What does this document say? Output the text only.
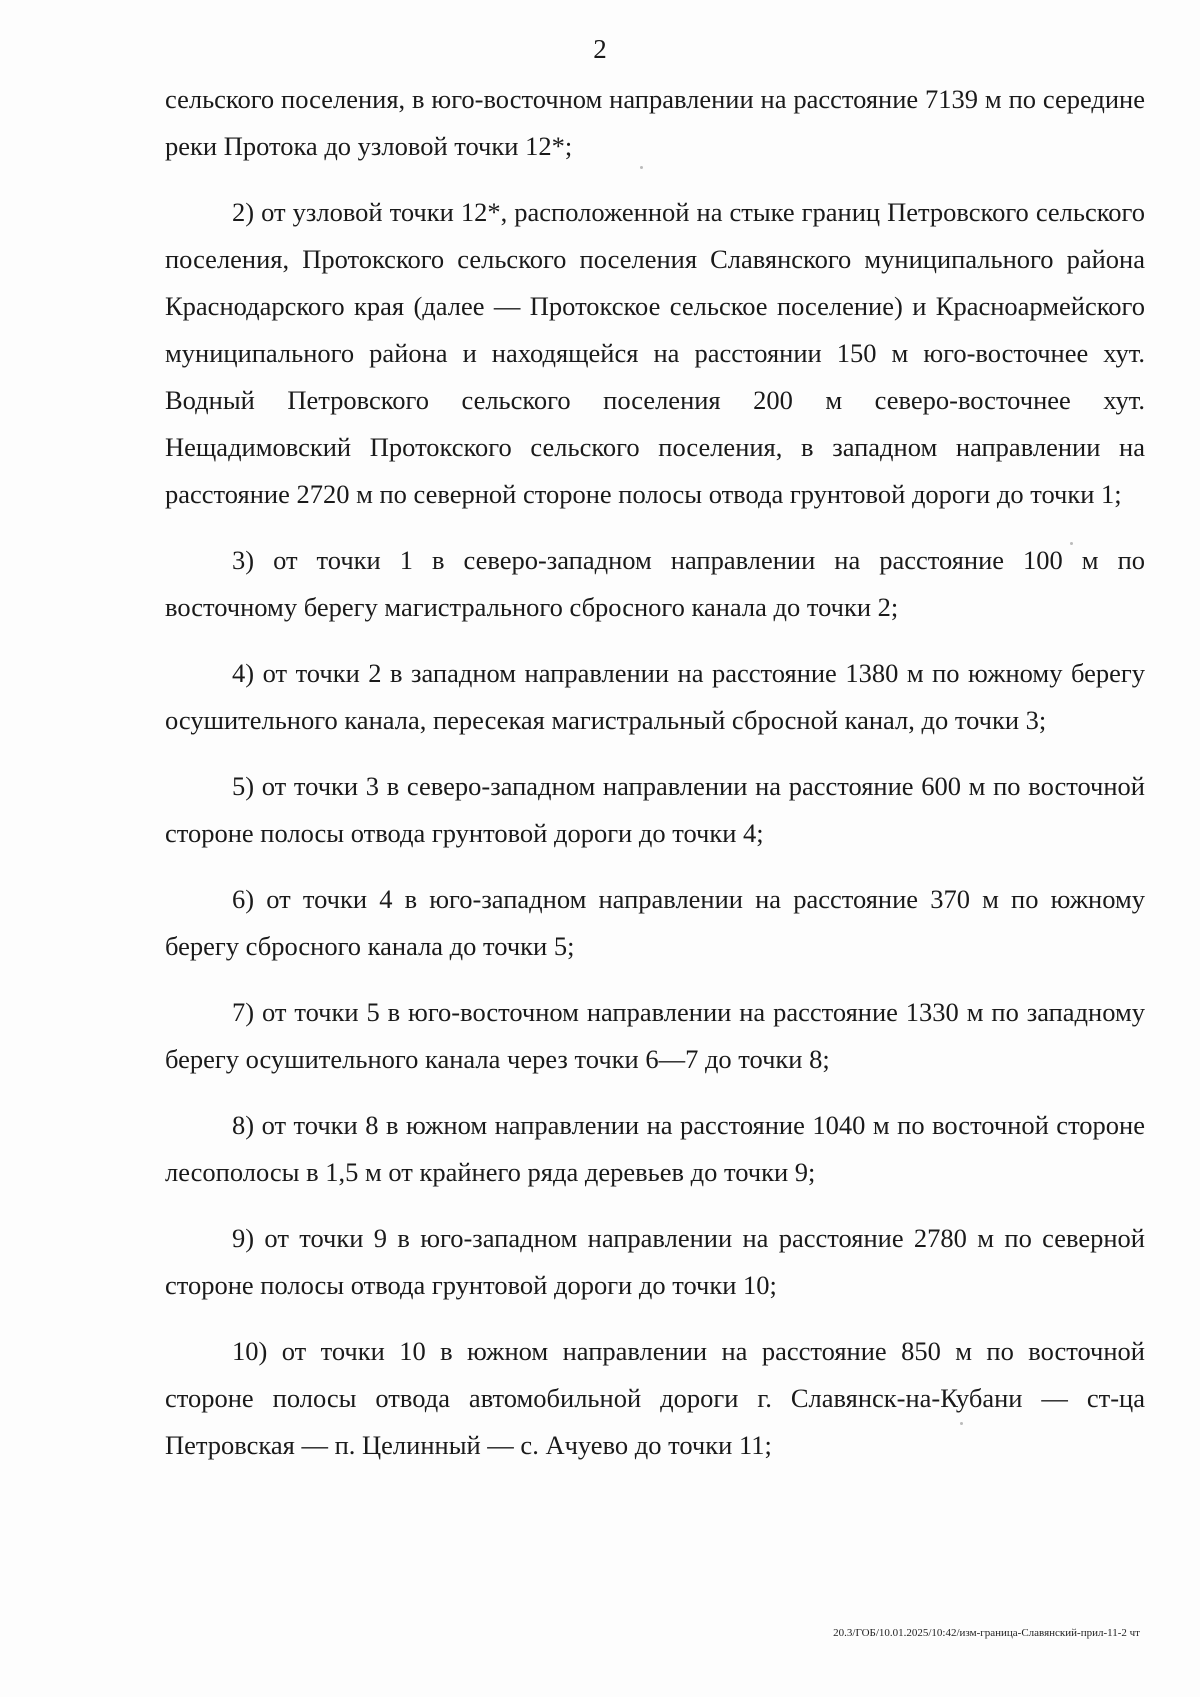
2

сельского поселения, в юго-восточном направлении на расстояние 7139 м по середине реки Протока до узловой точки 12*;

2) от узловой точки 12*, расположенной на стыке границ Петровского сельского поселения, Протокского сельского поселения Славянского муниципального района Краснодарского края (далее — Протокское сельское поселение) и Красноармейского муниципального района и находящейся на расстоянии 150 м юго-восточнее хут. Водный Петровского сельского поселения 200 м северо-восточнее хут. Нещадимовский Протокского сельского поселения, в западном направлении на расстояние 2720 м по северной стороне полосы отвода грунтовой дороги до точки 1;

3) от точки 1 в северо-западном направлении на расстояние 100 м по восточному берегу магистрального сбросного канала до точки 2;

4) от точки 2 в западном направлении на расстояние 1380 м по южному берегу осушительного канала, пересекая магистральный сбросной канал, до точки 3;

5) от точки 3 в северо-западном направлении на расстояние 600 м по восточной стороне полосы отвода грунтовой дороги до точки 4;

6) от точки 4 в юго-западном направлении на расстояние 370 м по южному берегу сбросного канала до точки 5;

7) от точки 5 в юго-восточном направлении на расстояние 1330 м по западному берегу осушительного канала через точки 6—7 до точки 8;

8) от точки 8 в южном направлении на расстояние 1040 м по восточной стороне лесополосы в 1,5 м от крайнего ряда деревьев до точки 9;

9) от точки 9 в юго-западном направлении на расстояние 2780 м по северной стороне полосы отвода грунтовой дороги до точки 10;

10) от точки 10 в южном направлении на расстояние 850 м по восточной стороне полосы отвода автомобильной дороги г. Славянск-на-Кубани — ст-ца Петровская — п. Целинный — с. Ачуево до точки 11;

20.3/ГОБ/10.01.2025/10:42/изм-граница-Славянский-прил-11-2 чт
